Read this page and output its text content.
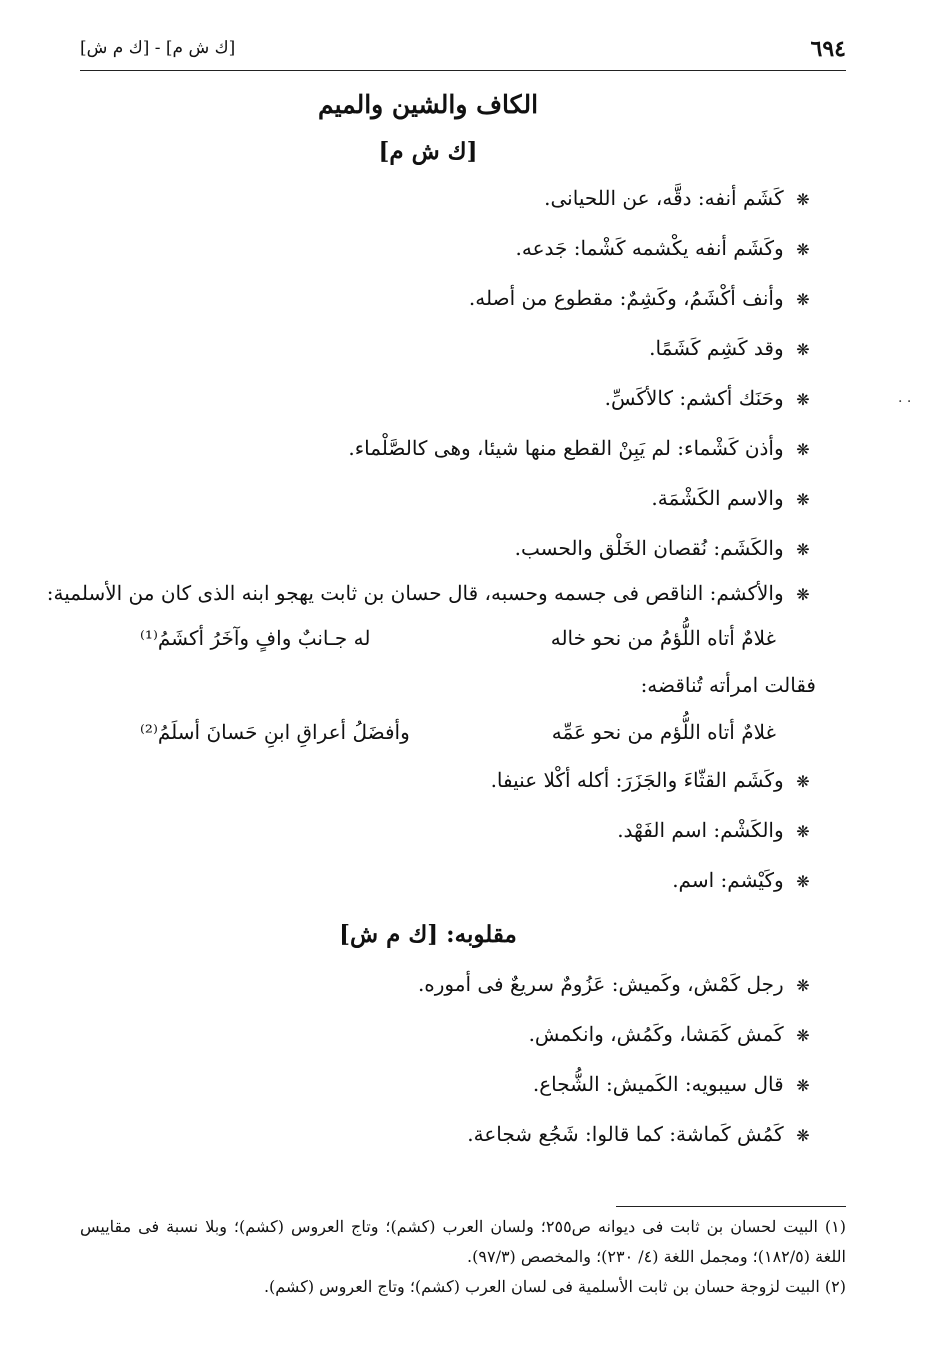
٦٩٤
[ك ش م] - [ك م ش]
. .
الكاف والشين والميم
[ك ش م]
❋ كَشَم أنفه: دقَّه، عن اللحيانى.
❋ وكَشَم أنفه يكْشمه كَشْما: جَدعه.
❋ وأنف أكْشَمُ، وكَشِمٌ: مقطوع من أصله.
❋ وقد كَشِم كَشَمًا.
❋ وحَنَك أكشم: كالأكَسِّ.
❋ وأذن كَشْماء: لم يَبِنْ القطع منها شيئا، وهى كالصَّلْماء.
❋ والاسم الكَشْمَة.
❋ والكَشَم: نُقصان الخَلْق والحسب.
❋ والأكشم: الناقص فى جسمه وحسبه، قال حسان بن ثابت يهجو ابنه الذى كان من الأسلمية:
غلامٌ أتاه اللُّؤمُ من نحو خاله
له جـانبٌ وافٍ وآخَرُ أكشَمُ⁽¹⁾
فقالت امرأته تُناقضه:
غلامٌ أتاه اللُّؤم من نحو عَمِّه
وأفضَلُ أعراقِ ابنِ حَسانَ أسلَمُ⁽²⁾
❋ وكَشَم القثّاءَ والجَزَرَ: أكله أكْلا عنيفا.
❋ والكَشْم: اسم الفَهْد.
❋ وكَيْشم: اسم.
مقلوبه: [ك م ش]
❋ رجل كَمْش، وكَميش: عَزُومٌ سريعٌ فى أموره.
❋ كَمش كَمَشا، وكَمُش، وانكمش.
❋ قال سيبويه: الكَميش: الشُّجاع.
❋ كَمُش كَماشة: كما قالوا: شَجُع شجاعة.

(١) البيت لحسان بن ثابت فى ديوانه ص٢٥٥؛ ولسان العرب (كشم)؛ وتاج العروس (كشم)؛ وبلا نسبة فى مقاييس اللغة (١٨٢/٥)؛ ومجمل اللغة (٤/ ٢٣٠)؛ والمخصص (٩٧/٣).

(٢) البيت لزوجة حسان بن ثابت الأسلمية فى لسان العرب (كشم)؛ وتاج العروس (كشم).
